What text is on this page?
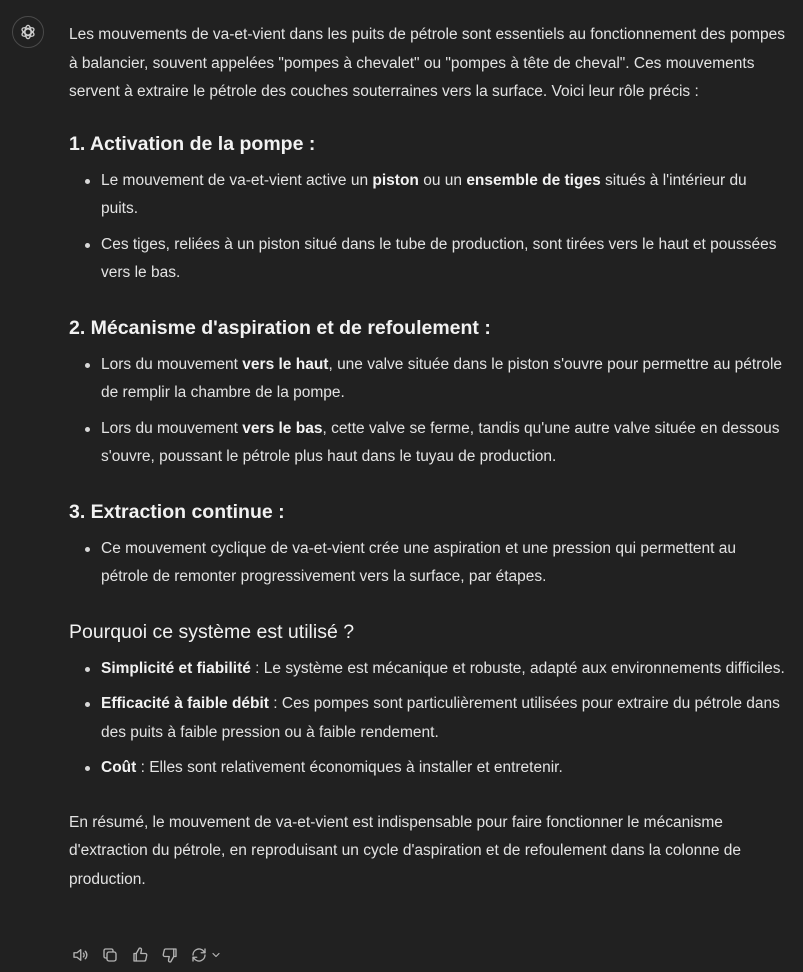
Les mouvements de va-et-vient dans les puits de pétrole sont essentiels au fonctionnement des pompes à balancier, souvent appelées "pompes à chevalet" ou "pompes à tête de cheval". Ces mouvements servent à extraire le pétrole des couches souterraines vers la surface. Voici leur rôle précis :

1. Activation de la pompe :
Le mouvement de va-et-vient active un piston ou un ensemble de tiges situés à l'intérieur du puits.
Ces tiges, reliées à un piston situé dans le tube de production, sont tirées vers le haut et poussées vers le bas.
2. Mécanisme d'aspiration et de refoulement :
Lors du mouvement vers le haut, une valve située dans le piston s'ouvre pour permettre au pétrole de remplir la chambre de la pompe.
Lors du mouvement vers le bas, cette valve se ferme, tandis qu'une autre valve située en dessous s'ouvre, poussant le pétrole plus haut dans le tuyau de production.
3. Extraction continue :
Ce mouvement cyclique de va-et-vient crée une aspiration et une pression qui permettent au pétrole de remonter progressivement vers la surface, par étapes.
Pourquoi ce système est utilisé ?
Simplicité et fiabilité : Le système est mécanique et robuste, adapté aux environnements difficiles.
Efficacité à faible débit : Ces pompes sont particulièrement utilisées pour extraire du pétrole dans des puits à faible pression ou à faible rendement.
Coût : Elles sont relativement économiques à installer et entretenir.

En résumé, le mouvement de va-et-vient est indispensable pour faire fonctionner le mécanisme d'extraction du pétrole, en reproduisant un cycle d'aspiration et de refoulement dans la colonne de production.
